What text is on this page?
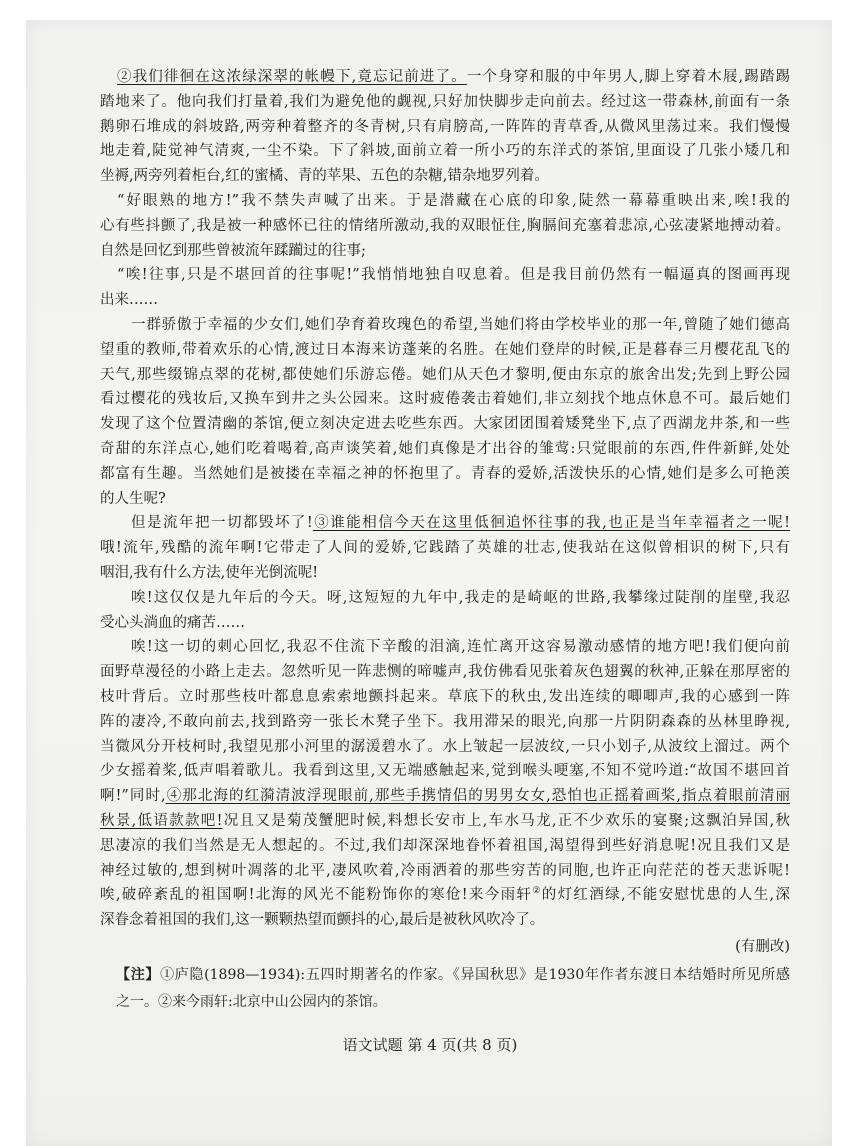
②我们徘徊在这浓绿深翠的帐幔下,竟忘记前进了。一个身穿和服的中年男人,脚上穿着木屐,踢踏踢
踏地来了。他向我们打量着,我们为避免他的觑视,只好加快脚步走向前去。经过这一带森林,前面有一条
鹅卵石堆成的斜坡路,两旁种着整齐的冬青树,只有肩膀高,一阵阵的青草香,从微风里荡过来。我们慢慢
地走着,陡觉神气清爽,一尘不染。下了斜坡,面前立着一所小巧的东洋式的茶馆,里面设了几张小矮几和
坐褥,两旁列着柜台,红的蜜橘、青的苹果、五色的杂糖,错杂地罗列着。
“好眼熟的地方!”我不禁失声喊了出来。于是潜藏在心底的印象,陡然一幕幕重映出来,唉!我的
心有些抖颤了,我是被一种感怀已往的情绪所激动,我的双眼怔住,胸膈间充塞着悲凉,心弦凄紧地搏动着。
自然是回忆到那些曾被流年蹂躏过的往事;
“唉!往事,只是不堪回首的往事呢!”我悄悄地独自叹息着。但是我目前仍然有一幅逼真的图画再现
出来……
一群骄傲于幸福的少女们,她们孕育着玫瑰色的希望,当她们将由学校毕业的那一年,曾随了她们德高
望重的教师,带着欢乐的心情,渡过日本海来访蓬莱的名胜。在她们登岸的时候,正是暮春三月樱花乱飞的
天气,那些缀锦点翠的花树,都使她们乐游忘倦。她们从天色才黎明,便由东京的旅舍出发;先到上野公园
看过樱花的残妆后,又换车到井之头公园来。这时疲倦袭击着她们,非立刻找个地点休息不可。最后她们
发现了这个位置清幽的茶馆,便立刻决定进去吃些东西。大家团团围着矮凳坐下,点了西湖龙井茶,和一些
奇甜的东洋点心,她们吃着喝着,高声谈笑着,她们真像是才出谷的雏莺:只觉眼前的东西,件件新鲜,处处
都富有生趣。当然她们是被搂在幸福之神的怀抱里了。青春的爱娇,活泼快乐的心情,她们是多么可艳羡
的人生呢?
但是流年把一切都毁坏了!③谁能相信今天在这里低徊追怀往事的我,也正是当年幸福者之一呢!
哦!流年,残酷的流年啊!它带走了人间的爱娇,它践踏了英雄的壮志,使我站在这似曾相识的树下,只有
咽泪,我有什么方法,使年光倒流呢!
唉!这仅仅是九年后的今天。呀,这短短的九年中,我走的是崎岖的世路,我攀缘过陡削的崖壁,我忍
受心头淌血的痛苦……
唉!这一切的刺心回忆,我忍不住流下辛酸的泪滴,连忙离开这容易激动感情的地方吧!我们便向前
面野草漫径的小路上走去。忽然听见一阵悲恻的啼嘘声,我仿佛看见张着灰色翅翼的秋神,正躲在那厚密的
枝叶背后。立时那些枝叶都息息索索地颤抖起来。草底下的秋虫,发出连续的唧唧声,我的心感到一阵
阵的凄冷,不敢向前去,找到路旁一张长木凳子坐下。我用滞呆的眼光,向那一片阴阴森森的丛林里睁视,
当微风分开枝柯时,我望见那小河里的潺湲碧水了。水上皱起一层波纹,一只小划子,从波纹上溜过。两个
少女摇着桨,低声唱着歌儿。我看到这里,又无端感触起来,觉到喉头哽塞,不知不觉吟道:“故国不堪回首
啊!”同时,④那北海的红漪清波浮现眼前,那些手携情侣的男男女女,恐怕也正摇着画桨,指点着眼前清丽
秋景,低语款款吧!况且又是菊茂蟹肥时候,料想长安市上,车水马龙,正不少欢乐的宴聚;这飘泊异国,秋
思凄凉的我们当然是无人想起的。不过,我们却深深地眷怀着祖国,渴望得到些好消息呢!况且我们又是
神经过敏的,想到树叶凋落的北平,凄风吹着,冷雨洒着的那些穷苦的同胞,也许正向茫茫的苍天悲诉呢!
唉,破碎紊乱的祖国啊!北海的风光不能粉饰你的寒伧!来今雨轩②的灯红酒绿,不能安慰忧患的人生,深
深眷念着祖国的我们,这一颗颗热望而颤抖的心,最后是被秋风吹冷了。
(有删改)
【注】①庐隐(1898—1934):五四时期著名的作家。《异国秋思》是1930年作者东渡日本结婚时所见所感
之一。②来今雨轩:北京中山公园内的茶馆。
语文试题 第 4 页(共 8 页)
